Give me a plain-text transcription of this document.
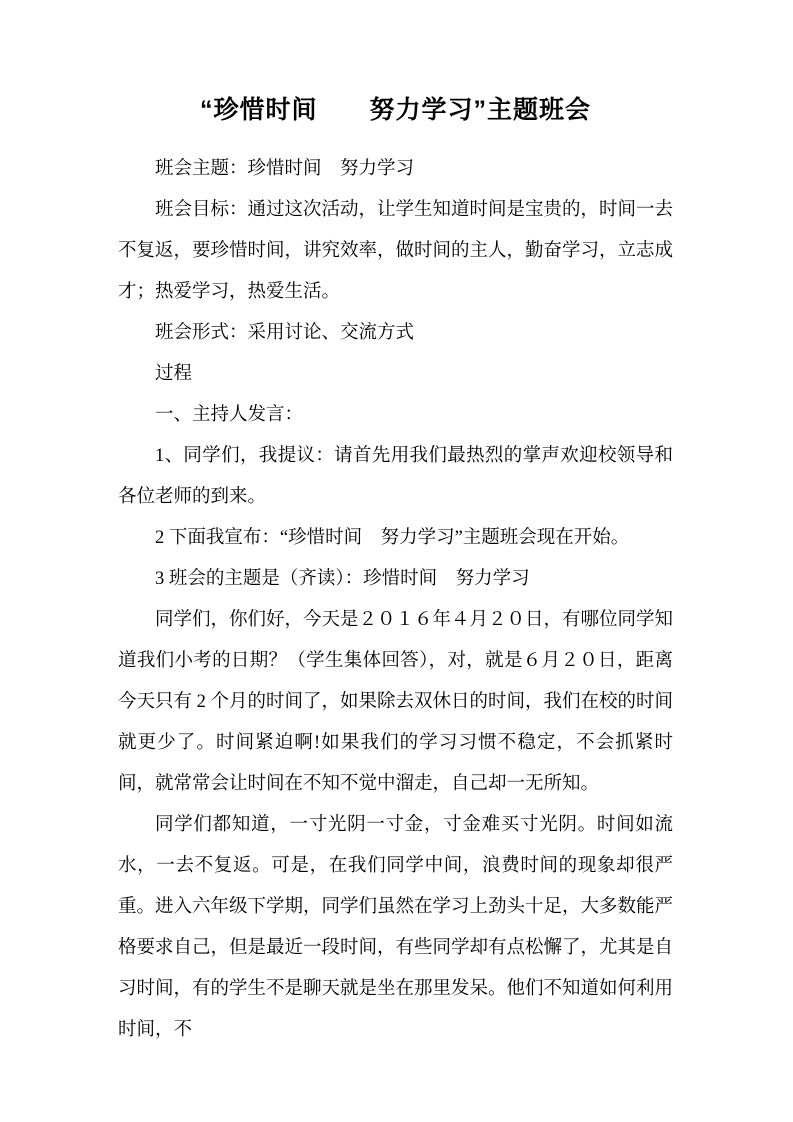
“珍惜时间　　努力学习”主题班会

班会主题：珍惜时间　努力学习

班会目标：通过这次活动，让学生知道时间是宝贵的，时间一去不复返，要珍惜时间，讲究效率，做时间的主人，勤奋学习，立志成才；热爱学习，热爱生活。

班会形式：采用讨论、交流方式

过程

一、主持人发言：

1、同学们，我提议：请首先用我们最热烈的掌声欢迎校领导和各位老师的到来。

2 下面我宣布：“珍惜时间　努力学习”主题班会现在开始。

3 班会的主题是（齐读）：珍惜时间　努力学习

同学们，你们好，今天是２０１６年４月２０日，有哪位同学知道我们小考的日期？（学生集体回答），对，就是６月２０日，距离今天只有 2 个月的时间了，如果除去双休日的时间，我们在校的时间就更少了。时间紧迫啊!如果我们的学习习惯不稳定，不会抓紧时间，就常常会让时间在不知不觉中溜走，自己却一无所知。

同学们都知道，一寸光阴一寸金，寸金难买寸光阴。时间如流水，一去不复返。可是，在我们同学中间，浪费时间的现象却很严重。进入六年级下学期，同学们虽然在学习上劲头十足，大多数能严格要求自己，但是最近一段时间，有些同学却有点松懈了，尤其是自习时间，有的学生不是聊天就是坐在那里发呆。他们不知道如何利用时间，不
